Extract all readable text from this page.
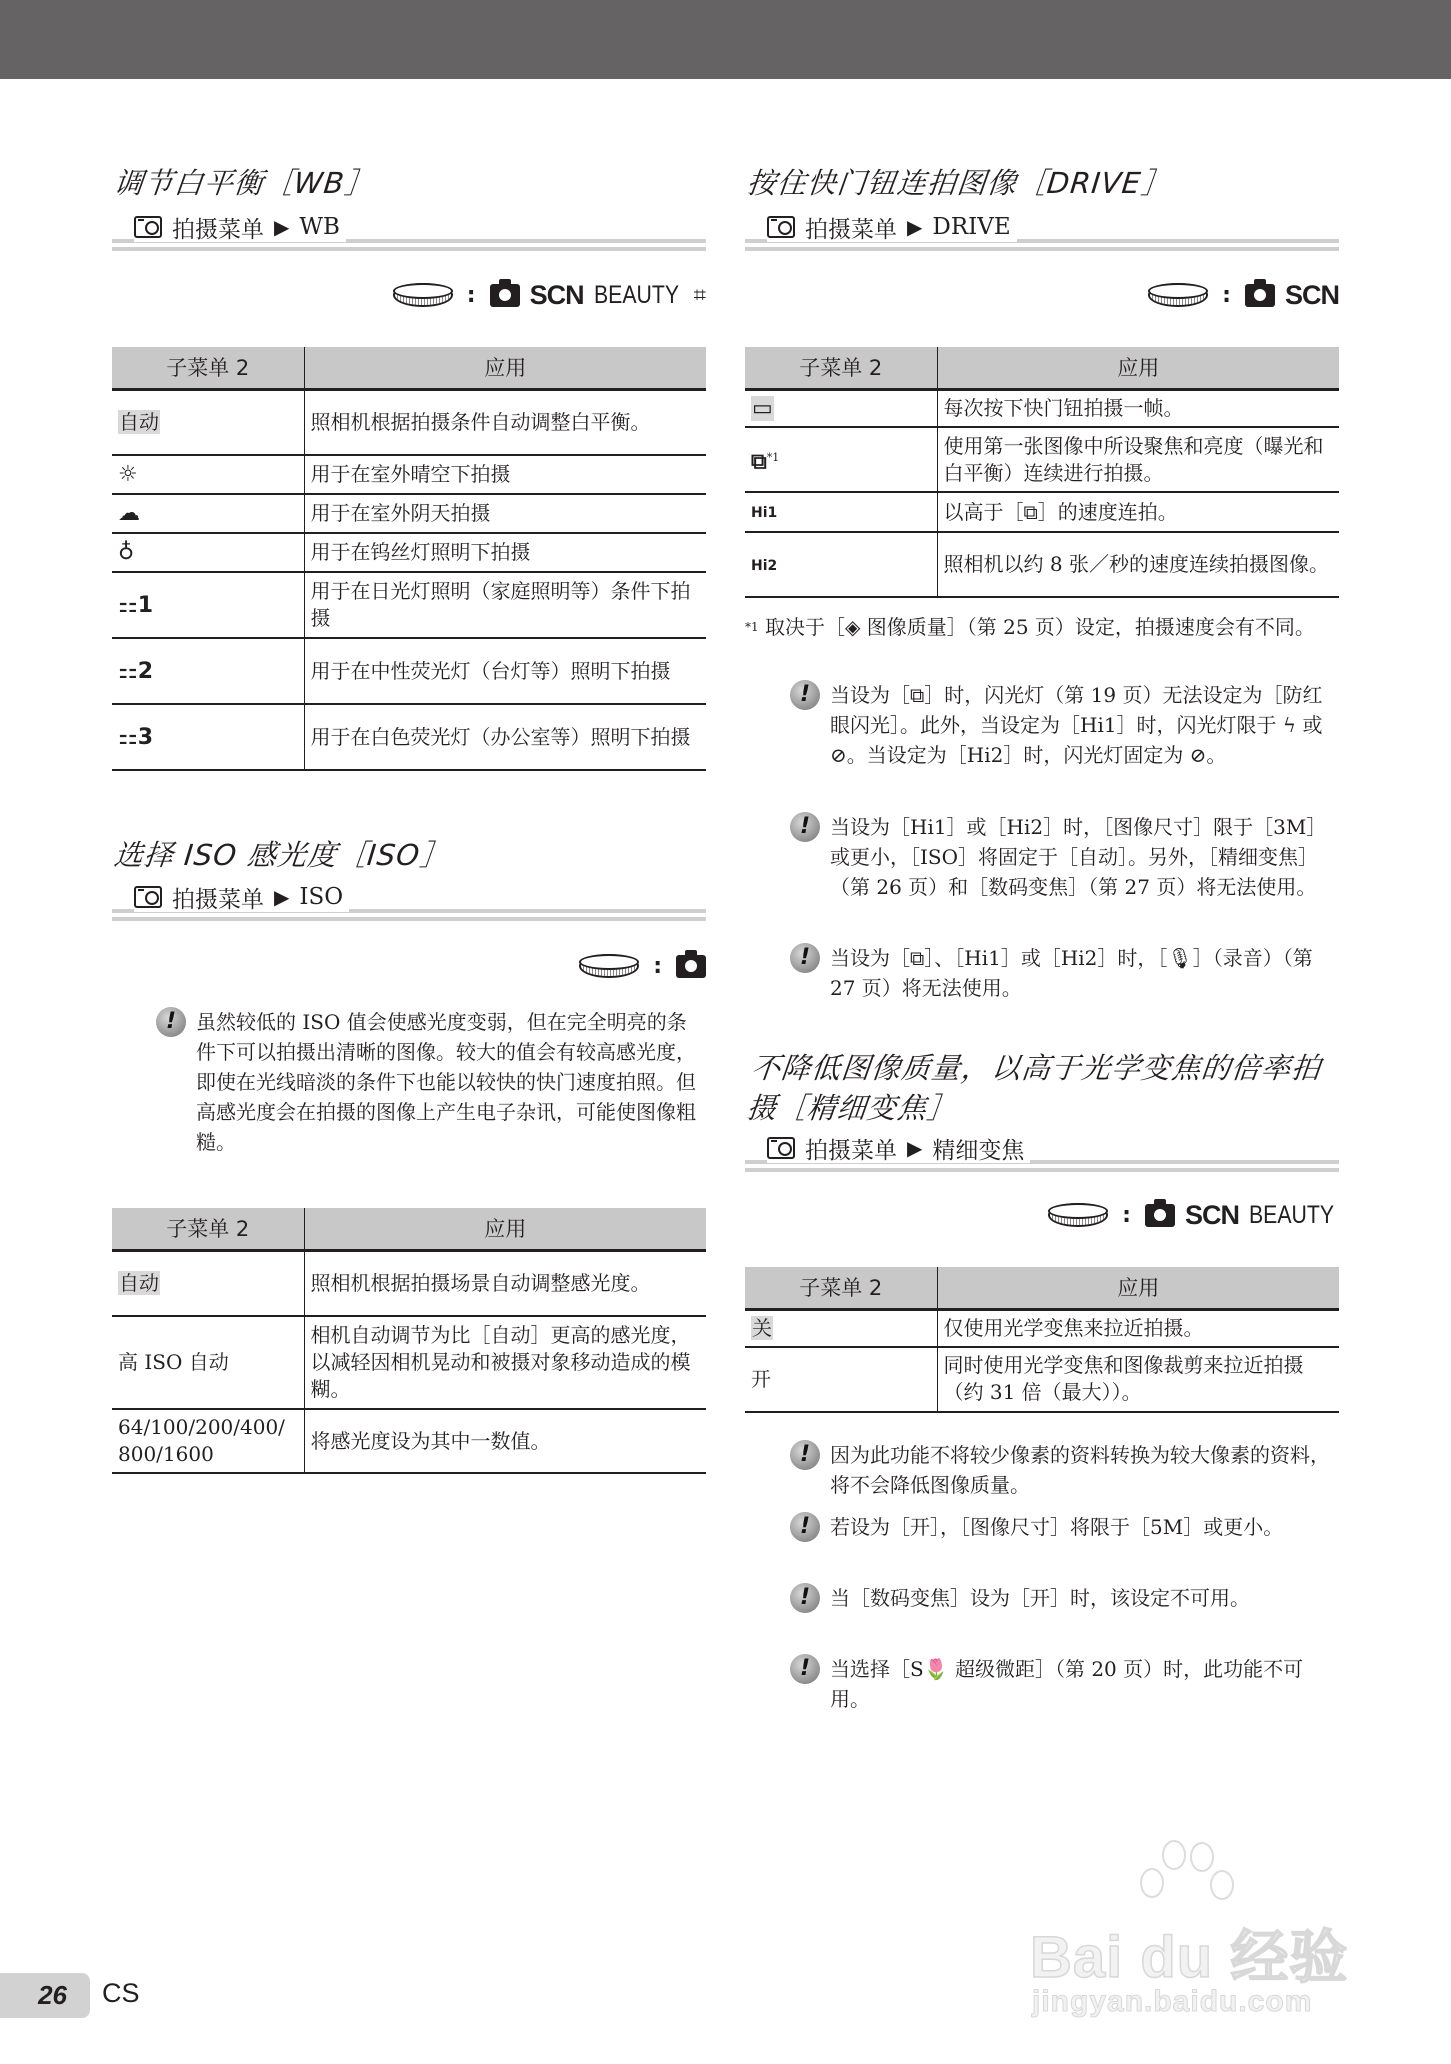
调节白平衡［WB］
拍摄菜单 ▶ WB
: SCN BEAUTY ⌗
子菜单 2	应用
自动	照相机根据拍摄条件自动调整白平衡。
☼	用于在室外晴空下拍摄
☁	用于在室外阴天拍摄
♁	用于在钨丝灯照明下拍摄
⚏1	用于在日光灯照明（家庭照明等）条件下拍摄
⚏2	用于在中性荧光灯（台灯等）照明下拍摄
⚏3	用于在白色荧光灯（办公室等）照明下拍摄
选择 ISO 感光度［ISO］
拍摄菜单 ▶ ISO
:
! 虽然较低的 ISO 值会使感光度变弱，但在完全明亮的条件下可以拍摄出清晰的图像。较大的值会有较高感光度，即使在光线暗淡的条件下也能以较快的快门速度拍照。但高感光度会在拍摄的图像上产生电子杂讯，可能使图像粗糙。
子菜单 2	应用
自动	照相机根据拍摄场景自动调整感光度。
高 ISO 自动	相机自动调节为比［自动］更高的感光度，以减轻因相机晃动和被摄对象移动造成的模糊。
64/100/200/400/800/1600	将感光度设为其中一数值。
按住快门钮连拍图像［DRIVE］
拍摄菜单 ▶ DRIVE
: SCN
子菜单 2	应用
▭	每次按下快门钮拍摄一帧。
⧉$^{*1}$	使用第一张图像中所设聚焦和亮度（曝光和白平衡）连续进行拍摄。
Hi1	以高于［⧉］的速度连拍。
Hi2	照相机以约 8 张／秒的速度连续拍摄图像。
$^{*1}$ 取决于［◈ 图像质量］（第 25 页）设定，拍摄速度会有不同。
! 当设为［⧉］时，闪光灯（第 19 页）无法设定为［防红眼闪光］。此外，当设定为［Hi1］时，闪光灯限于 ϟ 或 ⊘。当设定为［Hi2］时，闪光灯固定为 ⊘。
! 当设为［Hi1］或［Hi2］时，［图像尺寸］限于［3M］或更小，［ISO］将固定于［自动］。另外，［精细变焦］（第 26 页）和［数码变焦］（第 27 页）将无法使用。
! 当设为［⧉］、［Hi1］或［Hi2］时，［🎙］（录音）（第 27 页）将无法使用。
不降低图像质量，以高于光学变焦的倍率拍摄［精细变焦］
拍摄菜单 ▶ 精细变焦
: SCN BEAUTY
子菜单 2	应用
关	仅使用光学变焦来拉近拍摄。
开	同时使用光学变焦和图像裁剪来拉近拍摄（约 31 倍（最大））。
! 因为此功能不将较少像素的资料转换为较大像素的资料，将不会降低图像质量。
! 若设为［开］，［图像尺寸］将限于［5M］或更小。
! 当［数码变焦］设为［开］时，该设定不可用。
! 当选择［S🌷 超级微距］（第 20 页）时，此功能不可用。
26	CS
Bai du 经验
jingyan.baidu.com
